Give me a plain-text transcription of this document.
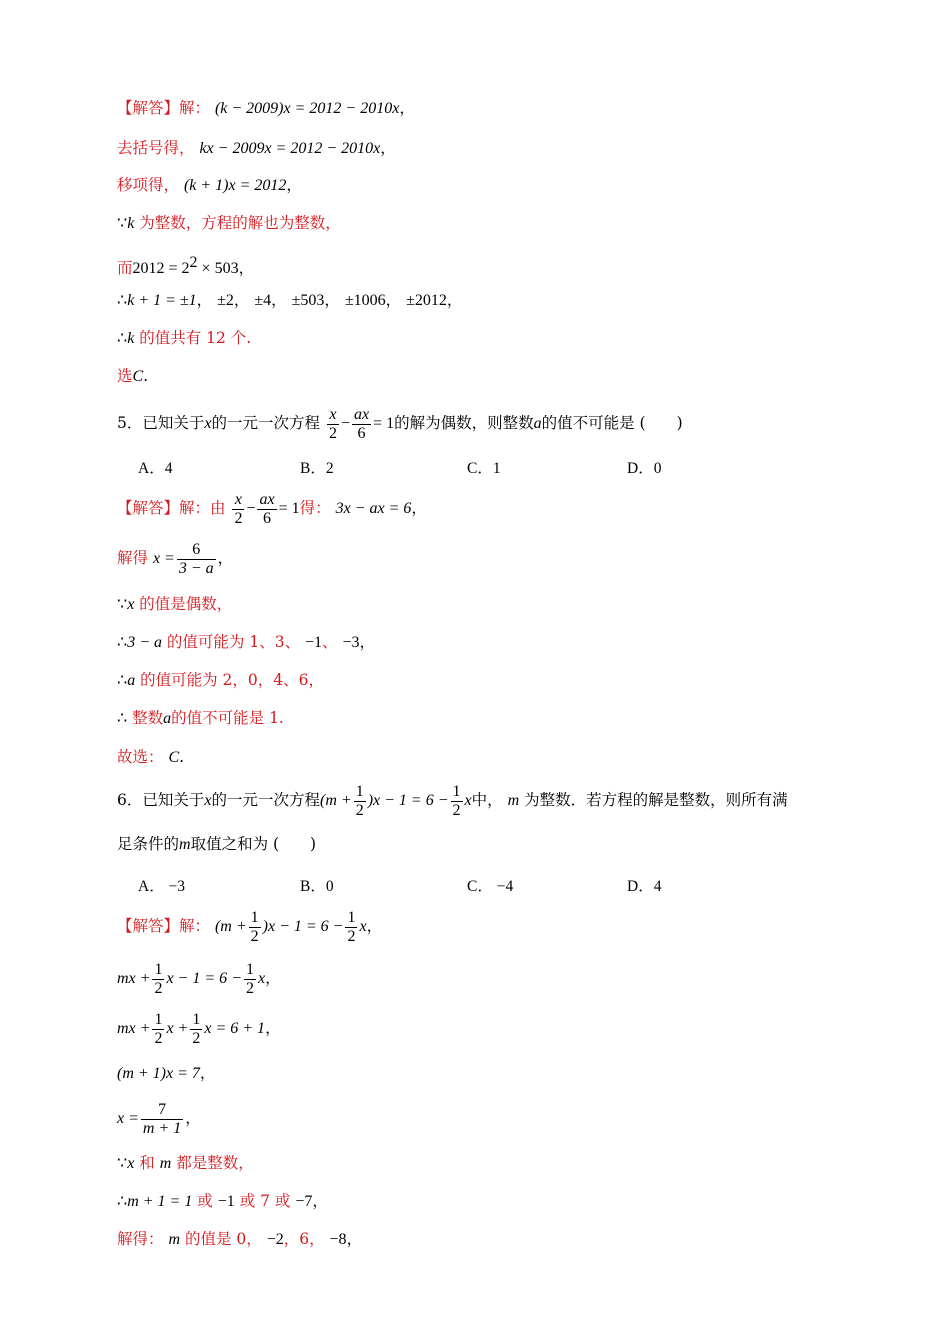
【解答】解： (k − 2009)x = 2012 − 2010x，
去括号得， kx − 2009x = 2012 − 2010x，
移项得， (k + 1)x = 2012，
∵k 为整数，方程的解也为整数，
而$2012 = 2^2 \times 503$，
∴k + 1 = ±1， ±2， ±4， ±503， ±1006， ±2012，
∴k 的值共有 12 个.
选C.
5．已知关于x的一元一次方程 $\frac{x}{2} - \frac{ax}{6} = 1$的解为偶数，则整数a的值不可能是 (　　)
A．4	B．2	C．1	D．0
【解答】解：由 $\frac{x}{2} - \frac{ax}{6} = 1$得： 3x − ax = 6，
解得 $x = \frac{6}{3 - a}$ ，
∵x 的值是偶数，
∴3 − a 的值可能为 1、3、 −1、 −3，
∴a 的值可能为 2，0，4、6，
∴ 整数a的值不可能是 1.
故选： C.
6．已知关于x的一元一次方程$(m + \frac{1}{2} )x - 1 = 6 - \frac{1}{2}$ x中， m 为整数．若方程的解是整数，则所有满
足条件的m取值之和为 (　　)
A． −3	B．0	C． −4	D．4
【解答】解： $(m + \frac{1}{2} )x - 1 = 6 - \frac{1}{2}$ x，
mx + $\frac{1}{2}$ $x - 1 = 6 - \frac{1}{2}$ x，
mx + $\frac{1}{2}$ $x + \frac{1}{2}$ x = 6 + 1，
(m + 1)x = 7，
$x = \frac{7}{m + 1}$ ，
∵x 和 m 都是整数，
∴m + 1 = 1 或 −1 或 7 或 −7，
解得： m 的值是 0， −2，6， −8，
